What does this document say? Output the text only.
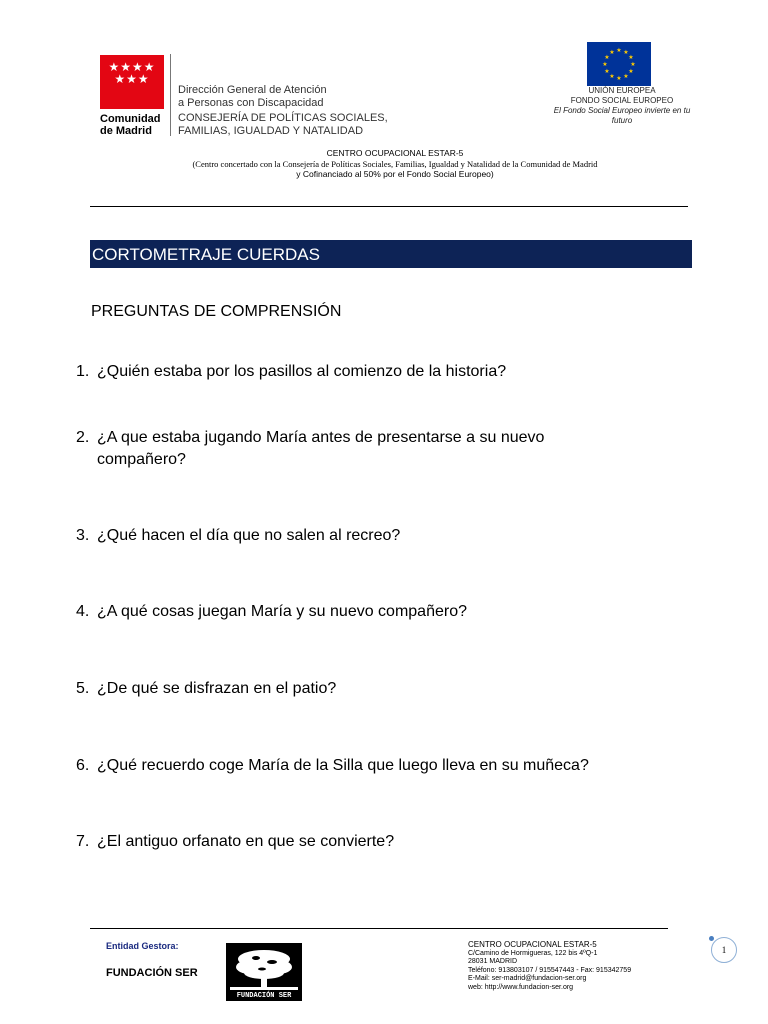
★★★★
★★★
Comunidad
de Madrid
Dirección General de Atención
a Personas con Discapacidad
CONSEJERÍA DE POLÍTICAS SOCIALES,
FAMILIAS, IGUALDAD Y NATALIDAD
★ ★
★
★
★
★
★
★
★
★
★
★
UNIÓN EUROPEA
FONDO SOCIAL EUROPEO
El Fondo Social Europeo invierte en tu futuro
CENTRO OCUPACIONAL ESTAR-5
(Centro concertado con la Consejería de Políticas Sociales, Familias, Igualdad y Natalidad de la Comunidad de Madrid
y Cofinanciado al 50% por el Fondo Social Europeo)
CORTOMETRAJE CUERDAS
PREGUNTAS DE COMPRENSIÓN
1. ¿Quién estaba por los pasillos al comienzo de la historia?
2. ¿A que estaba jugando María antes de presentarse a su nuevo
compañero?
3. ¿Qué hacen el día que no salen al recreo?
4. ¿A qué cosas juegan María y su nuevo compañero?
5. ¿De qué se disfrazan en el patio?
6. ¿Qué recuerdo coge María de la Silla que luego lleva en su muñeca?
7. ¿El antiguo orfanato en que se convierte?
Entidad Gestora:
FUNDACIÓN SER
FUNDACIÓN SER
CENTRO OCUPACIONAL ESTAR-5
C/Camino de Hormigueras, 122 bis 4ºQ-1
28031 MADRID
Teléfono: 913803107 / 915547443 - Fax: 915342759
E-Mail: ser-madrid@fundacion-ser.org
web: http://www.fundacion-ser.org
1
